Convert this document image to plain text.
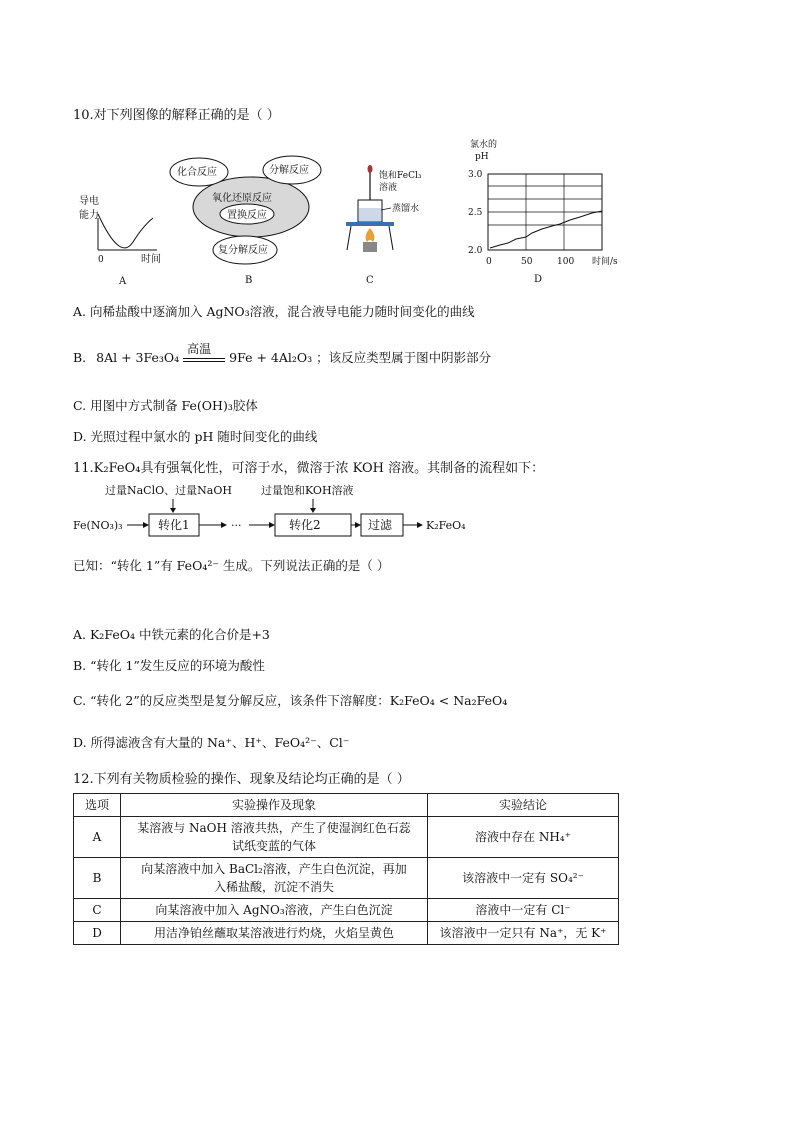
10.对下列图像的解释正确的是（ ）
导电
能力
0	时间
A
化合反应	分解反应
氧化还原反应
置换反应
复分解反应
B
饱和FeCl₃
溶液
蒸馏水
C
氯水的
pH
3.0
2.5
2.0
0	50	100 时间/s
D
A. 向稀盐酸中逐滴加入 AgNO₃溶液，混合液导电能力随时间变化的曲线
B. 8Al + 3Fe₃O₄
高温
9Fe + 4Al₂O₃ ；该反应类型属于图中阴影部分
C. 用图中方式制备 Fe(OH)₃胶体
D. 光照过程中氯水的 pH 随时间变化的曲线
11.K₂FeO₄具有强氧化性，可溶于水，微溶于浓 KOH 溶液。其制备的流程如下：
过量NaClO、过量NaOH	过量饱和KOH溶液
Fe(NO₃)₃	转化1	···	转化2	过滤	K₂FeO₄
已知：“转化 1”有 FeO₄²⁻ 生成。下列说法正确的是（ ）
A. K₂FeO₄ 中铁元素的化合价是+3
B. “转化 1”发生反应的环境为酸性
C. “转化 2”的反应类型是复分解反应，该条件下溶解度：K₂FeO₄ < Na₂FeO₄
D. 所得滤液含有大量的 Na⁺、H⁺、FeO₄²⁻、Cl⁻
12.下列有关物质检验的操作、现象及结论均正确的是（ ）
选项	实验操作及现象	实验结论
A	某溶液与 NaOH 溶液共热，产生了使湿润红色石蕊
试纸变蓝的气体	溶液中存在 NH₄⁺
B	向某溶液中加入 BaCl₂溶液，产生白色沉淀，再加
入稀盐酸，沉淀不消失	该溶液中一定有 SO₄²⁻
C	向某溶液中加入 AgNO₃溶液，产生白色沉淀	溶液中一定有 Cl⁻
D	用洁净铂丝蘸取某溶液进行灼烧，火焰呈黄色	该溶液中一定只有 Na⁺，无 K⁺
